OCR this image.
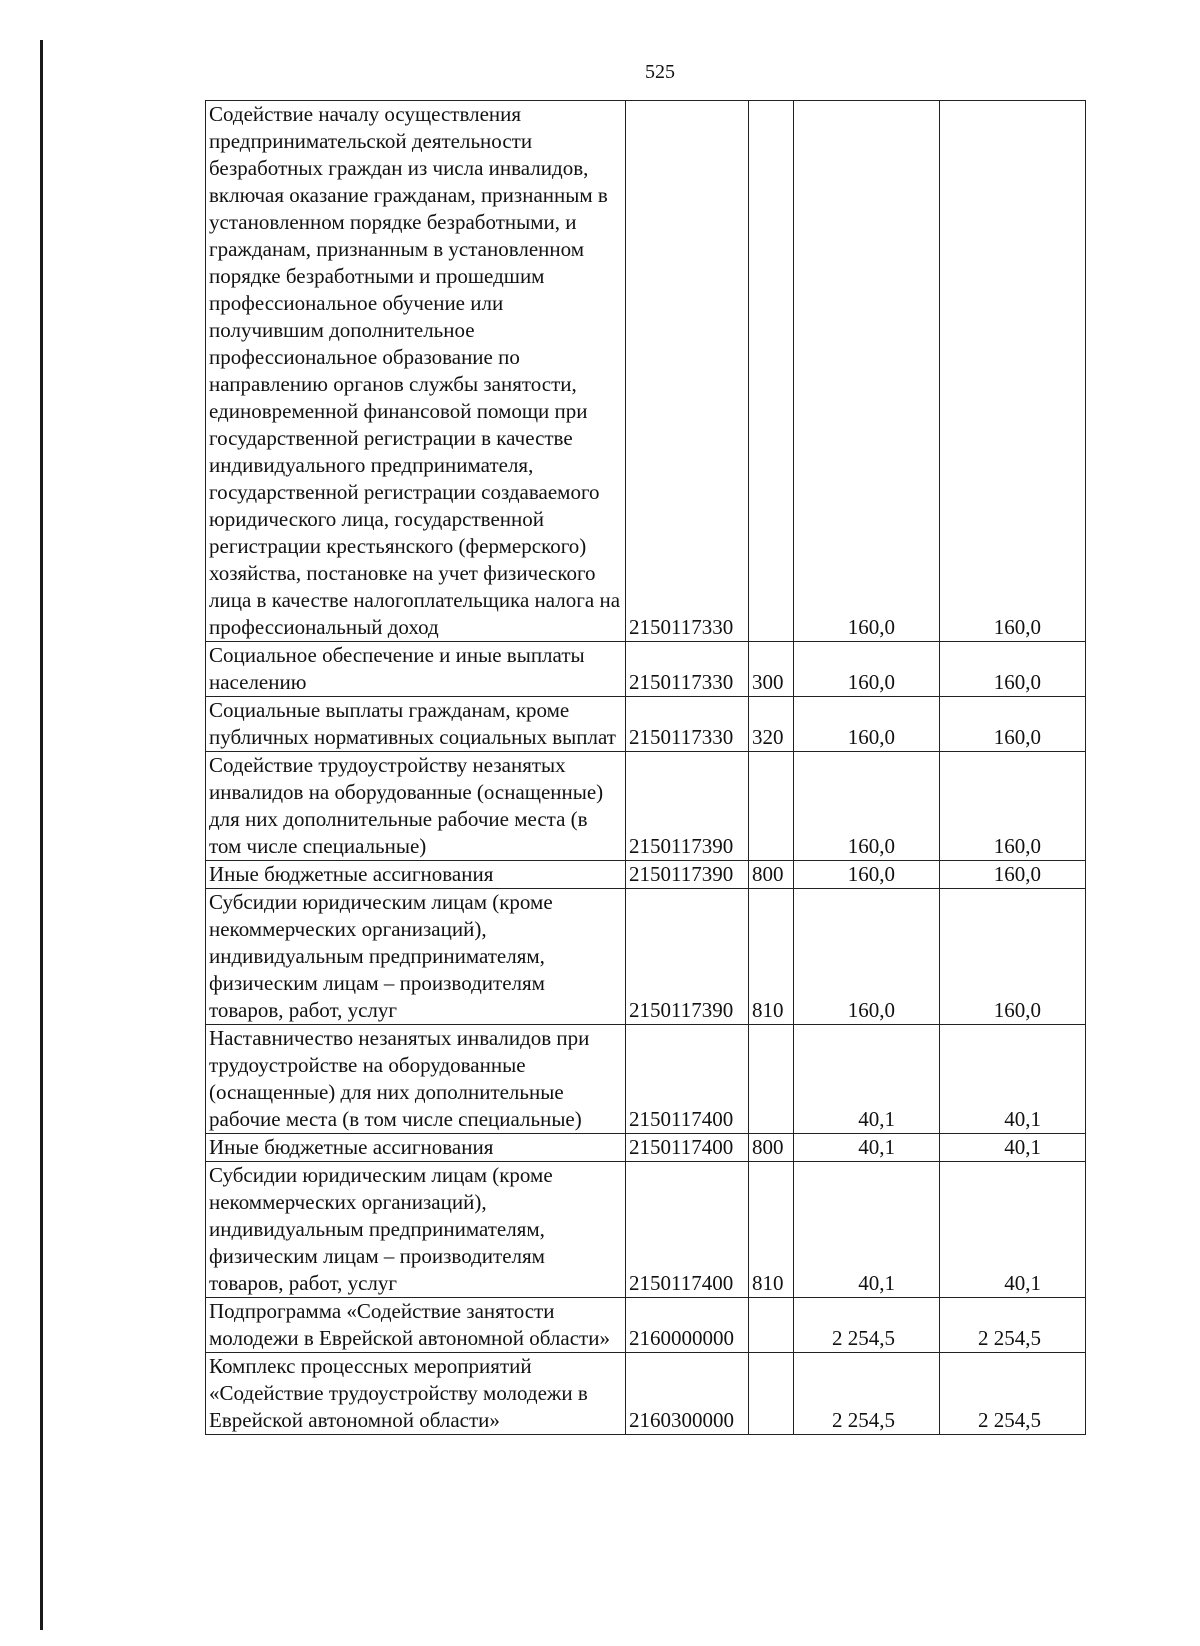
525
Содействие началу осуществления предпринимательской деятельности безработных граждан из числа инвалидов, включая оказание гражданам, признанным в установленном порядке безработными, и гражданам, признанным в установленном порядке безработными и прошедшим профессиональное обучение или получившим дополнительное профессиональное образование по направлению органов службы занятости, единовременной финансовой помощи при государственной регистрации в качестве индивидуального предпринимателя, государственной регистрации создаваемого юридического лица, государственной регистрации крестьянского (фермерского) хозяйства, постановке на учет физического лица в качестве налогоплательщика налога на профессиональный доход	2150117330		160,0	160,0
Социальное обеспечение и иные выплаты населению	2150117330	300	160,0	160,0
Социальные выплаты гражданам, кроме публичных нормативных социальных выплат	2150117330	320	160,0	160,0
Содействие трудоустройству незанятых инвалидов на оборудованные (оснащенные) для них дополнительные рабочие места (в том числе специальные)	2150117390		160,0	160,0
Иные бюджетные ассигнования	2150117390	800	160,0	160,0
Субсидии юридическим лицам (кроме некоммерческих организаций), индивидуальным предпринимателям, физическим лицам – производителям товаров, работ, услуг	2150117390	810	160,0	160,0
Наставничество незанятых инвалидов при трудоустройстве на оборудованные (оснащенные) для них дополнительные рабочие места (в том числе специальные)	2150117400		40,1	40,1
Иные бюджетные ассигнования	2150117400	800	40,1	40,1
Субсидии юридическим лицам (кроме некоммерческих организаций), индивидуальным предпринимателям, физическим лицам – производителям товаров, работ, услуг	2150117400	810	40,1	40,1
Подпрограмма «Содействие занятости молодежи в Еврейской автономной области»	2160000000		2 254,5	2 254,5
Комплекс процессных мероприятий «Содействие трудоустройству молодежи в Еврейской автономной области»	2160300000		2 254,5	2 254,5
